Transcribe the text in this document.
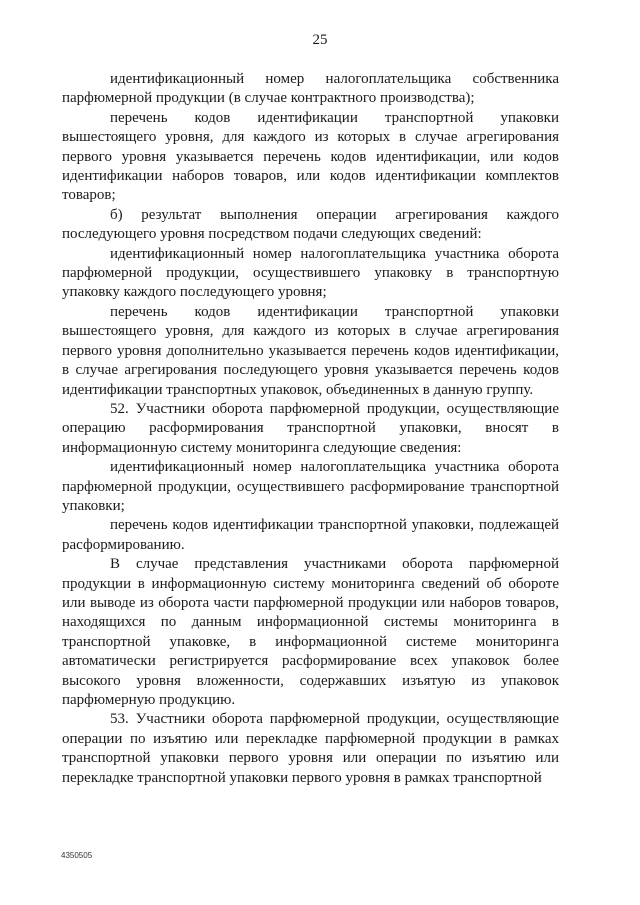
25

идентификационный номер налогоплательщика собственника парфюмерной продукции (в случае контрактного производства);

перечень кодов идентификации транспортной упаковки вышестоящего уровня, для каждого из которых в случае агрегирования первого уровня указывается перечень кодов идентификации, или кодов идентификации наборов товаров, или кодов идентификации комплектов товаров;

б) результат выполнения операции агрегирования каждого последующего уровня посредством подачи следующих сведений:

идентификационный номер налогоплательщика участника оборота парфюмерной продукции, осуществившего упаковку в транспортную упаковку каждого последующего уровня;

перечень кодов идентификации транспортной упаковки вышестоящего уровня, для каждого из которых в случае агрегирования первого уровня дополнительно указывается перечень кодов идентификации, в случае агрегирования последующего уровня указывается перечень кодов идентификации транспортных упаковок, объединенных в данную группу.

52. Участники оборота парфюмерной продукции, осуществляющие операцию расформирования транспортной упаковки, вносят в информационную систему мониторинга следующие сведения:

идентификационный номер налогоплательщика участника оборота парфюмерной продукции, осуществившего расформирование транспортной упаковки;

перечень кодов идентификации транспортной упаковки, подлежащей расформированию.

В случае представления участниками оборота парфюмерной продукции в информационную систему мониторинга сведений об обороте или выводе из оборота части парфюмерной продукции или наборов товаров, находящихся по данным информационной системы мониторинга в транспортной упаковке, в информационной системе мониторинга автоматически регистрируется расформирование всех упаковок более высокого уровня вложенности, содержавших изъятую из упаковок парфюмерную продукцию.

53. Участники оборота парфюмерной продукции, осуществляющие операции по изъятию или перекладке парфюмерной продукции в рамках транспортной упаковки первого уровня или операции по изъятию или перекладке транспортной упаковки первого уровня в рамках транспортной

4350505
